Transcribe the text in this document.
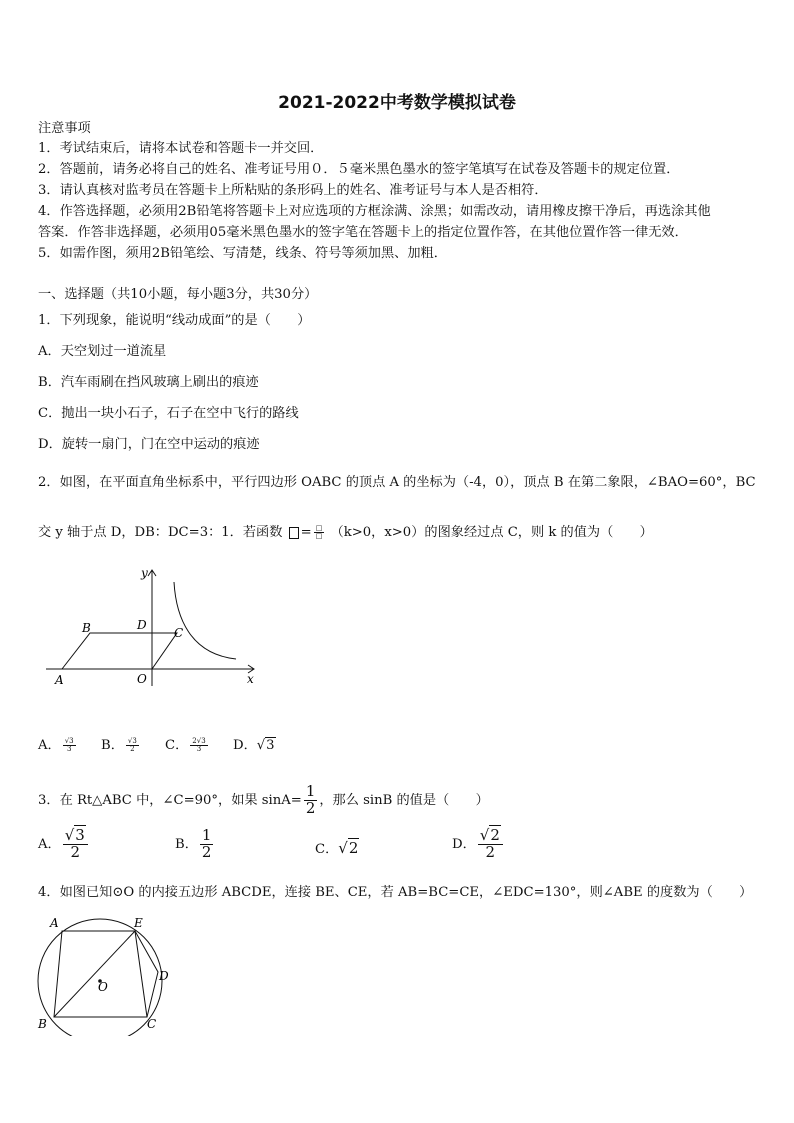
2021-2022中考数学模拟试卷
注意事项
1．考试结束后，请将本试卷和答题卡一并交回．
2．答题前，请务必将自己的姓名、准考证号用０．５毫米黑色墨水的签字笔填写在试卷及答题卡的规定位置．
3．请认真核对监考员在答题卡上所粘贴的条形码上的姓名、准考证号与本人是否相符．
4．作答选择题，必须用2B铅笔将答题卡上对应选项的方框涂满、涂黑；如需改动，请用橡皮擦干净后，再选涂其他
答案．作答非选择题，必须用05毫米黑色墨水的签字笔在答题卡上的指定位置作答，在其他位置作答一律无效．
5．如需作图，须用2B铅笔绘、写清楚，线条、符号等须加黑、加粗．
一、选择题（共10小题，每小题3分，共30分）
1．下列现象，能说明“线动成面”的是（　　）
A．天空划过一道流星
B．汽车雨刷在挡风玻璃上刷出的痕迹
C．抛出一块小石子，石子在空中飞行的路线
D．旋转一扇门，门在空中运动的痕迹
2．如图，在平面直角坐标系中，平行四边形 OABC 的顶点 A 的坐标为（-4，0），顶点 B 在第二象限，∠BAO=60°，BC
交 y 轴于点 D，DB：DC=3：1．若函数 = $\frac{□}{□} (k>0$，x>0）的图象经过点 C，则 k 的值为（　　）
y
x
B	D
C
A	O
A． $\frac{√3}{3}$ B． $\frac{√3}{2}$ C． $\frac{2√3}{3}$ D．√3
3．在 Rt△ABC 中，∠C=90°，如果 $\sin A= \frac{1}{2}$ ，那么 sinB 的值是（　　）
A． $\frac{√3}{2}$	B． $\frac{1}{2}$	C．√2	D． $\frac{√2}{2}$
4．如图已知⊙O 的内接五边形 ABCDE，连接 BE、CE，若 AB=BC=CE，∠EDC=130°，则∠ABE 的度数为（　　）
A	E
D
O
B	C
